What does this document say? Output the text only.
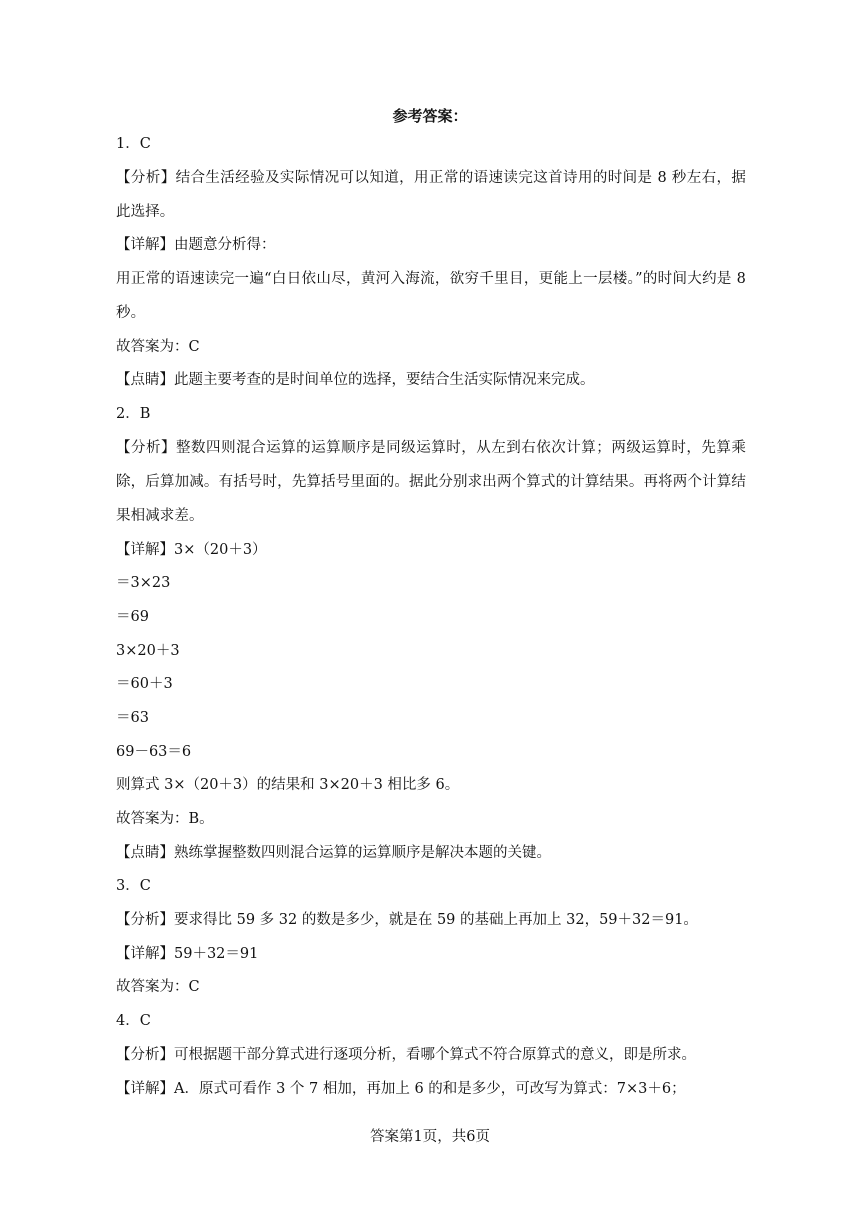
参考答案：
1．C
【分析】结合生活经验及实际情况可以知道，用正常的语速读完这首诗用的时间是 8 秒左右，据此选择。
【详解】由题意分析得：
用正常的语速读完一遍“白日依山尽，黄河入海流，欲穷千里目，更能上一层楼。”的时间大约是 8 秒。
故答案为：C
【点睛】此题主要考查的是时间单位的选择，要结合生活实际情况来完成。
2．B
【分析】整数四则混合运算的运算顺序是同级运算时，从左到右依次计算；两级运算时，先算乘除，后算加减。有括号时，先算括号里面的。据此分别求出两个算式的计算结果。再将两个计算结果相减求差。
【详解】3×（20＋3）
＝3×23
＝69
3×20＋3
＝60＋3
＝63
69－63＝6
则算式 3×（20＋3）的结果和 3×20＋3 相比多 6。
故答案为：B。
【点睛】熟练掌握整数四则混合运算的运算顺序是解决本题的关键。
3．C
【分析】要求得比 59 多 32 的数是多少，就是在 59 的基础上再加上 32，59＋32＝91。
【详解】59＋32＝91
故答案为：C
4．C
【分析】可根据题干部分算式进行逐项分析，看哪个算式不符合原算式的意义，即是所求。
【详解】A．原式可看作 3 个 7 相加，再加上 6 的和是多少，可改写为算式：7×3＋6；
答案第1页，共6页
